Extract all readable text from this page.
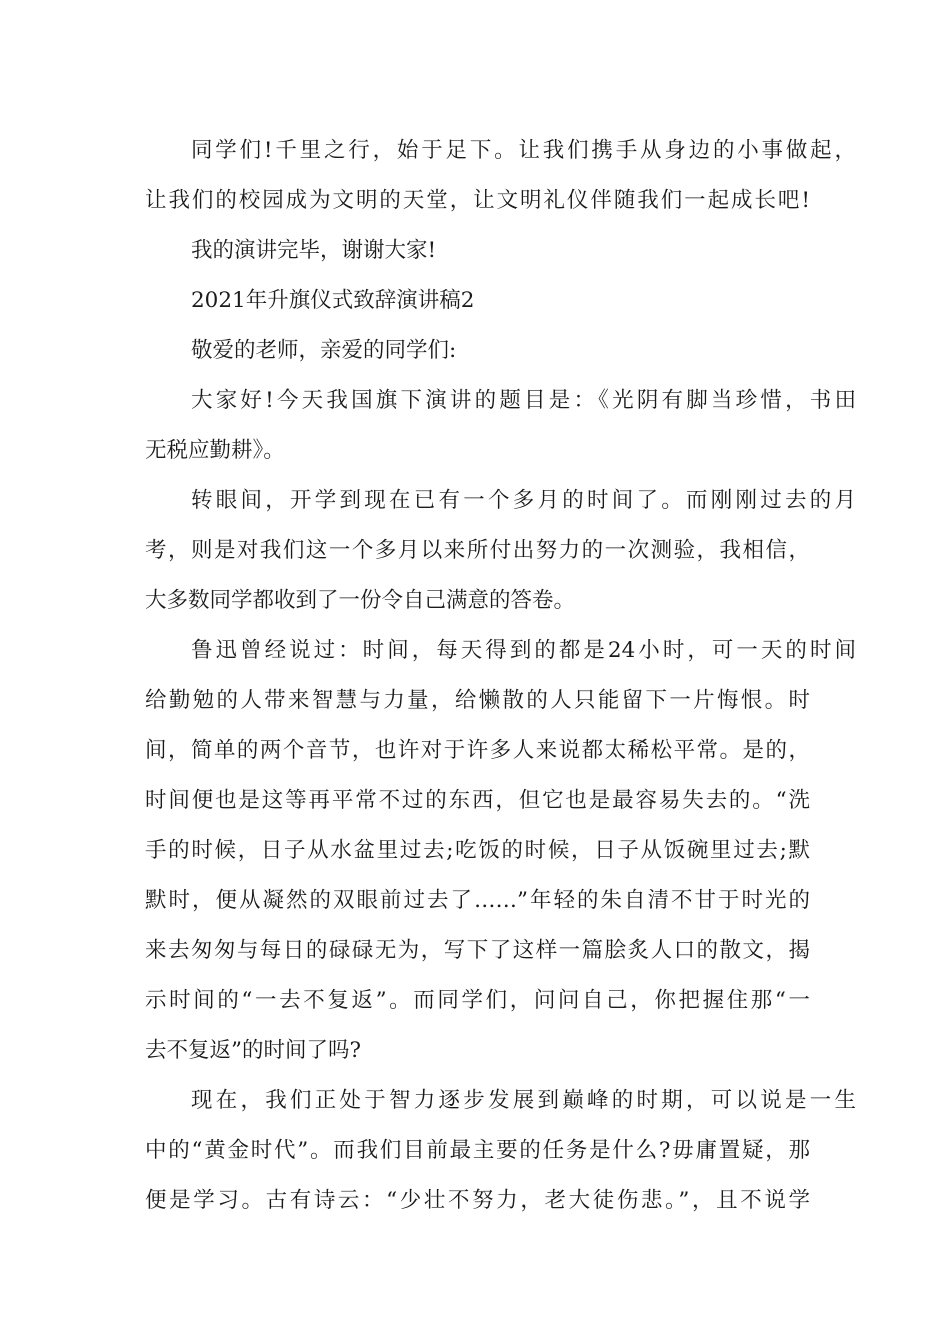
同学们!千里之行，始于足下。让我们携手从身边的小事做起，
让我们的校园成为文明的天堂，让文明礼仪伴随我们一起成长吧!
我的演讲完毕，谢谢大家!
2021年升旗仪式致辞演讲稿2
敬爱的老师，亲爱的同学们:
大家好!今天我国旗下演讲的题目是：《光阴有脚当珍惜，书田
无税应勤耕》。
转眼间，开学到现在已有一个多月的时间了。而刚刚过去的月
考，则是对我们这一个多月以来所付出努力的一次测验，我相信，
大多数同学都收到了一份令自己满意的答卷。
鲁迅曾经说过：时间，每天得到的都是24小时，可一天的时间
给勤勉的人带来智慧与力量，给懒散的人只能留下一片悔恨。时
间，简单的两个音节，也许对于许多人来说都太稀松平常。是的，
时间便也是这等再平常不过的东西，但它也是最容易失去的。“洗
手的时候，日子从水盆里过去;吃饭的时候，日子从饭碗里过去;默
默时，便从凝然的双眼前过去了……”年轻的朱自清不甘于时光的
来去匆匆与每日的碌碌无为，写下了这样一篇脍炙人口的散文，揭
示时间的“一去不复返”。而同学们，问问自己，你把握住那“一
去不复返”的时间了吗?
现在，我们正处于智力逐步发展到巅峰的时期，可以说是一生
中的“黄金时代”。而我们目前最主要的任务是什么?毋庸置疑，那
便是学习。古有诗云：“少壮不努力，老大徒伤悲。”，且不说学
